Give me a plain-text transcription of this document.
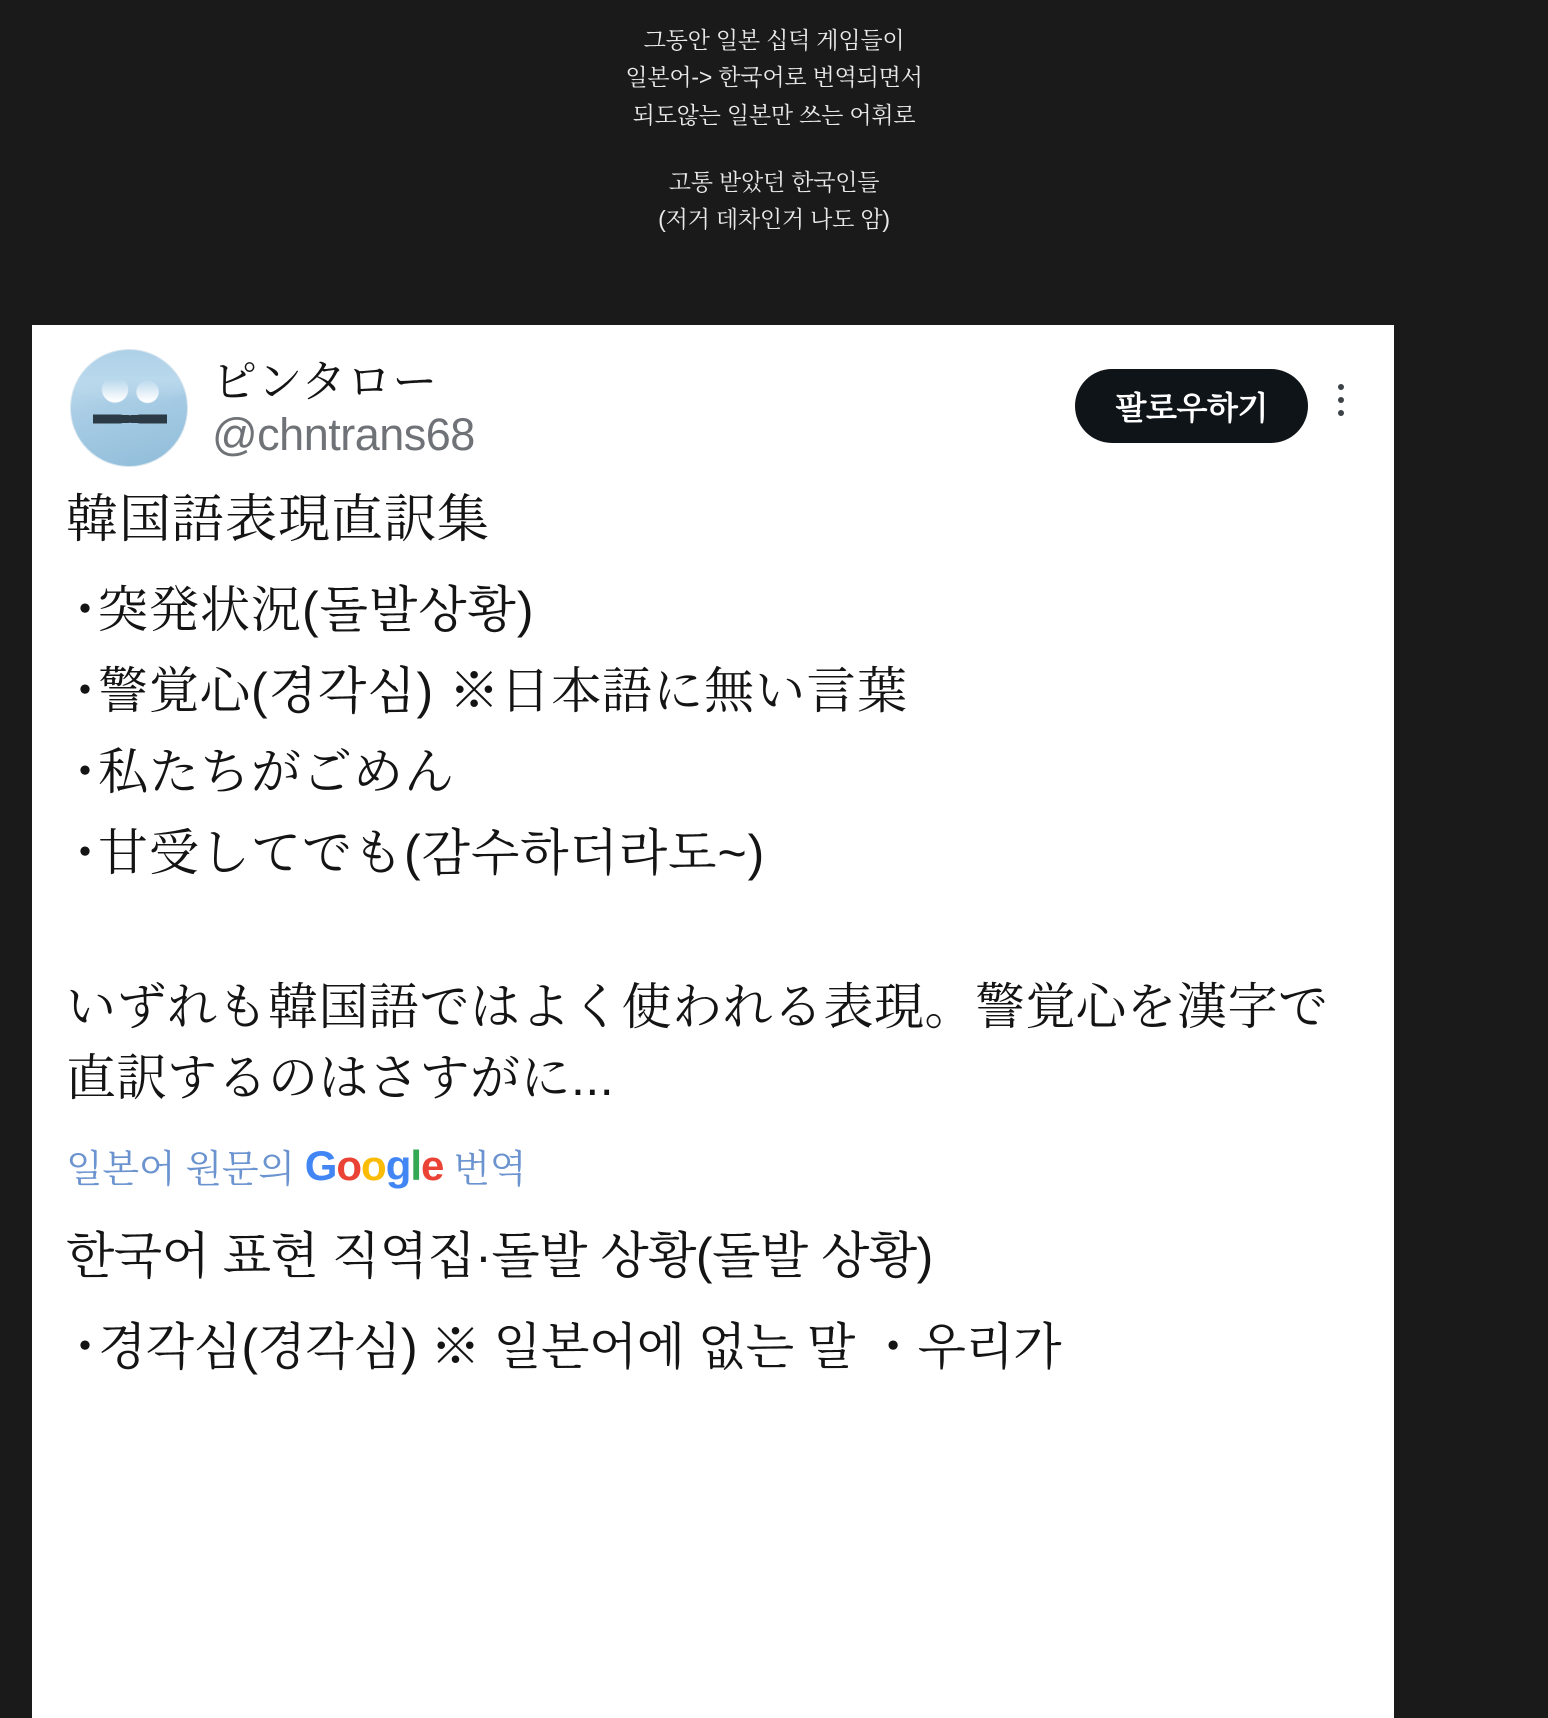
그동안 일본 십덕 게임들이
일본어-> 한국어로 번역되면서
되도않는 일본만 쓰는 어휘로
고통 받았던 한국인들
(저거 데차인거 나도 암)
ピンタロー
@chntrans68
팔로우하기
韓国語表現直訳集
・ 突発状況(돌발상황)
・ 警覚心(경각심) ※日本語に無い言葉
・ 私たちがごめん
・ 甘受してでも(감수하더라도~)
いずれも韓国語ではよく使われる表現。警覚心を漢字で直訳するのはさすがに...
일본어 원문의 Google 번역
한국어 표현 직역집·돌발 상황(돌발 상황)
・ 경각심(경각심) ※ 일본어에 없는 말 ・우리가
